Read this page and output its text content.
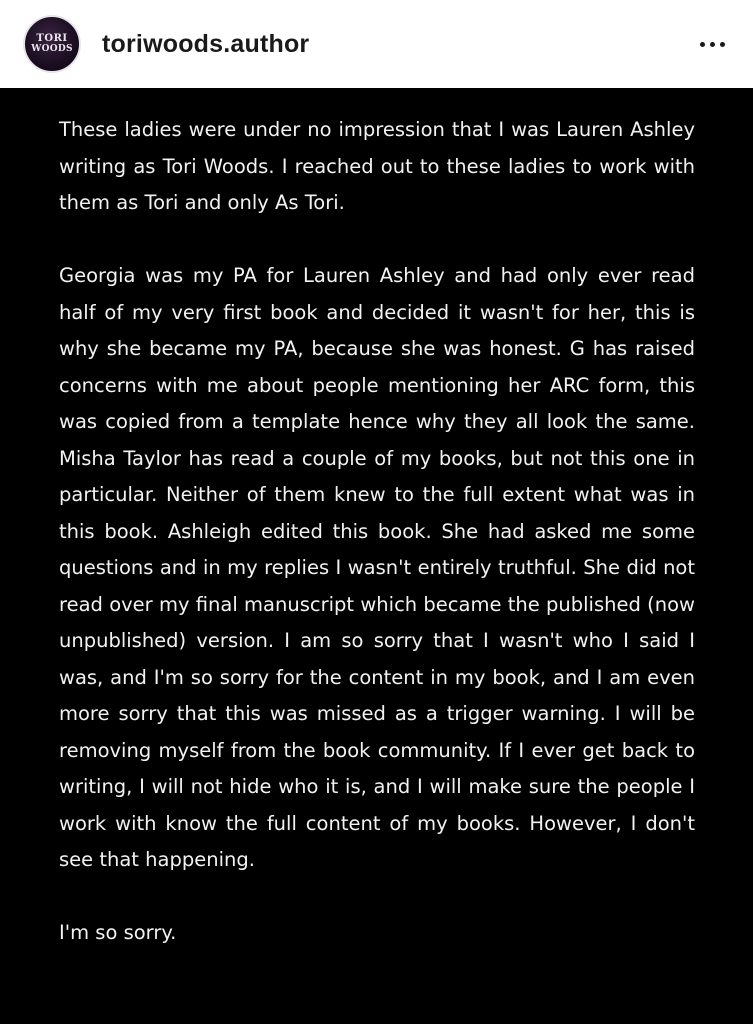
TORI
WOODS toriwoods.author

These ladies were under no impression that I was Lauren Ashley writing as Tori Woods. I reached out to these ladies to work with them as Tori and only As Tori.

Georgia was my PA for Lauren Ashley and had only ever read half of my very first book and decided it wasn't for her, this is why she became my PA, because she was honest. G has raised concerns with me about people mentioning her ARC form, this was copied from a template hence why they all look the same. Misha Taylor has read a couple of my books, but not this one in particular. Neither of them knew to the full extent what was in this book. Ashleigh edited this book. She had asked me some questions and in my replies I wasn't entirely truthful. She did not read over my final manuscript which became the published (now unpublished) version. I am so sorry that I wasn't who I said I was, and I'm so sorry for the content in my book, and I am even more sorry that this was missed as a trigger warning. I will be removing myself from the book community. If I ever get back to writing, I will not hide who it is, and I will make sure the people I work with know the full content of my books. However, I don't see that happening.

I'm so sorry.
